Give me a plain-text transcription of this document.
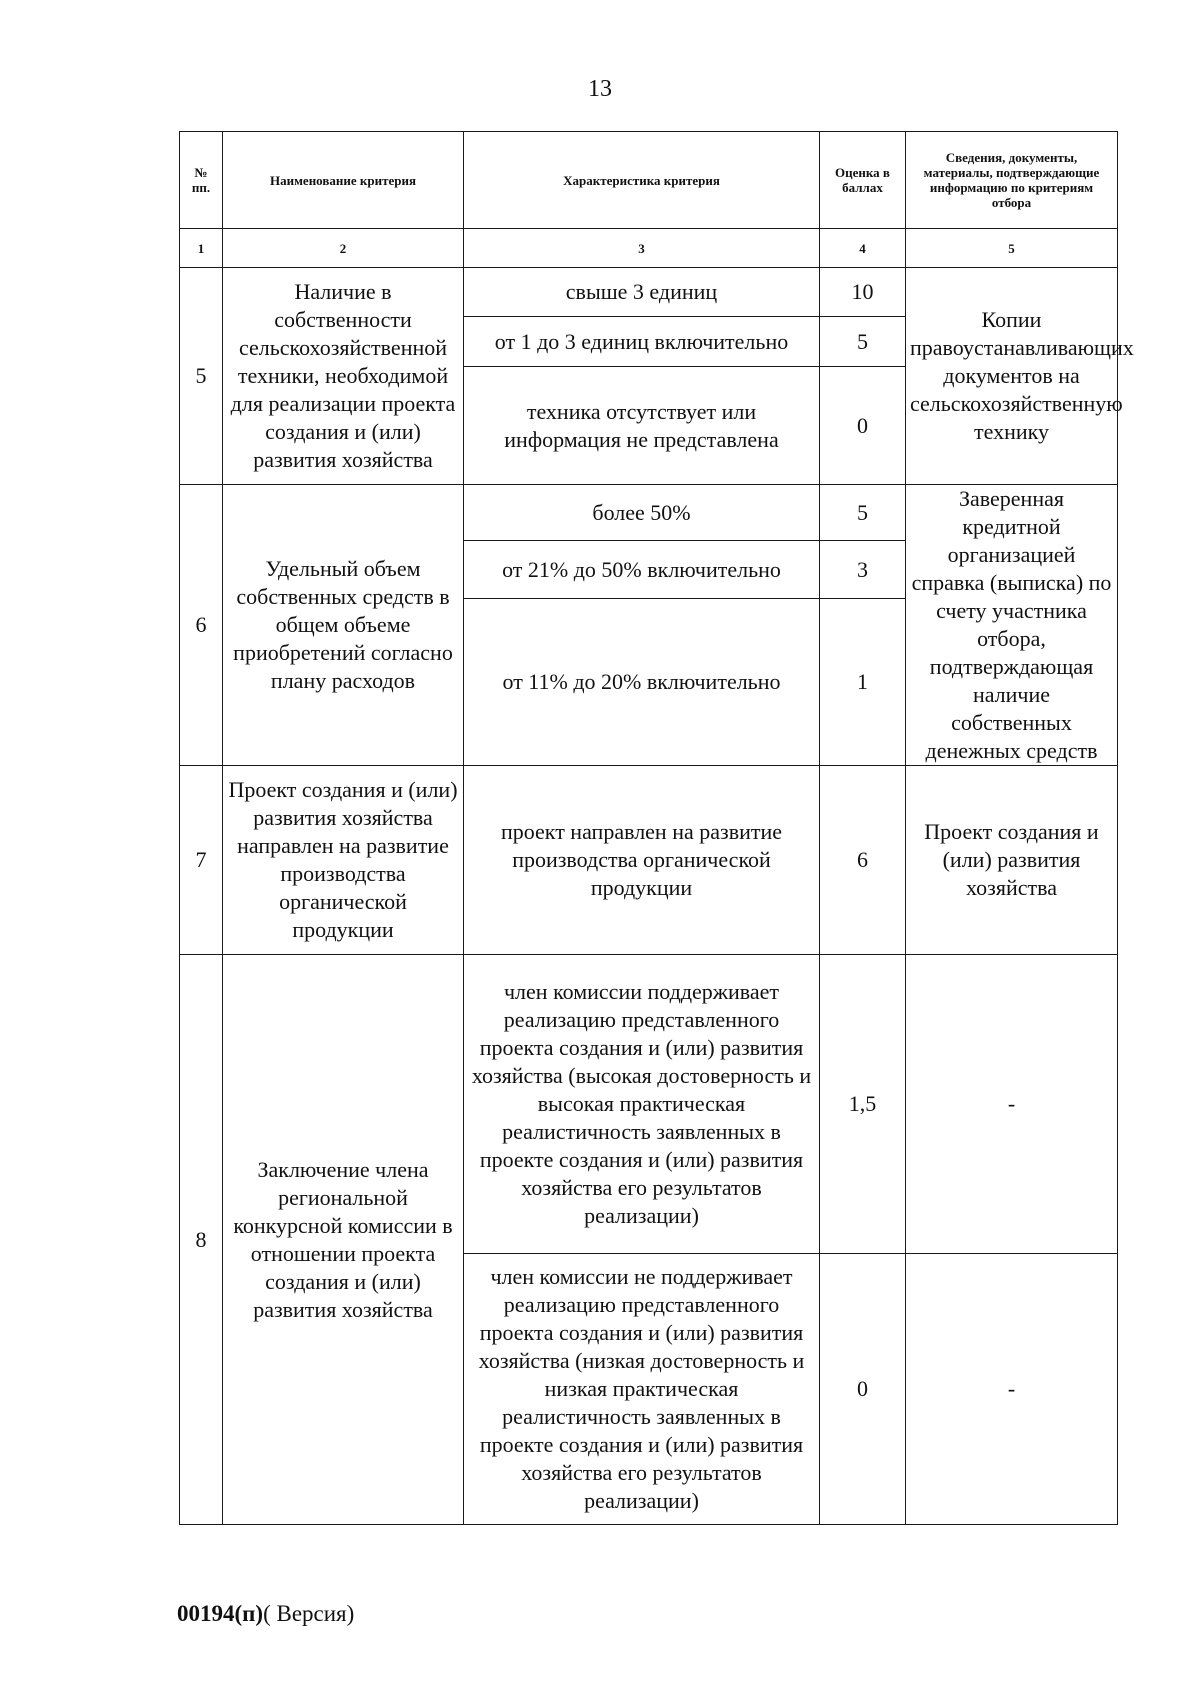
13
№ пп.	Наименование критерия	Характеристика критерия	Оценка в баллах	Сведения, документы, материалы, подтверждающие информацию по критериям отбора
1	2	3	4	5
5	Наличие в собственности сельскохозяйственной техники, необходимой для реализации проекта создания и (или) развития хозяйства	свыше 3 единиц	10	Копии правоустанавливающих документов на сельскохозяйственную технику
		от 1 до 3 единиц включительно	5	
		техника отсутствует или информация не представлена	0	
6	Удельный объем собственных средств в общем объеме приобретений согласно плану расходов	более 50%	5	Заверенная кредитной организацией справка (выписка) по счету участника отбора, подтверждающая наличие собственных денежных средств
		от 21% до 50% включительно	3	
		от 11% до 20% включительно	1	
7	Проект создания и (или) развития хозяйства направлен на развитие производства органической продукции	проект направлен на развитие производства органической продукции	6	Проект создания и (или) развития хозяйства
8	Заключение члена региональной конкурсной комиссии в отношении проекта создания и (или) развития хозяйства	член комиссии поддерживает реализацию представленного проекта создания и (или) развития хозяйства (высокая достоверность и высокая практическая реалистичность заявленных в проекте создания и (или) развития хозяйства его результатов реализации)	1,5	-
		член комиссии не поддерживает реализацию представленного проекта создания и (или) развития хозяйства (низкая достоверность и низкая практическая реалистичность заявленных в проекте создания и (или) развития хозяйства его результатов реализации)	0	-
00194(п)( Версия)
